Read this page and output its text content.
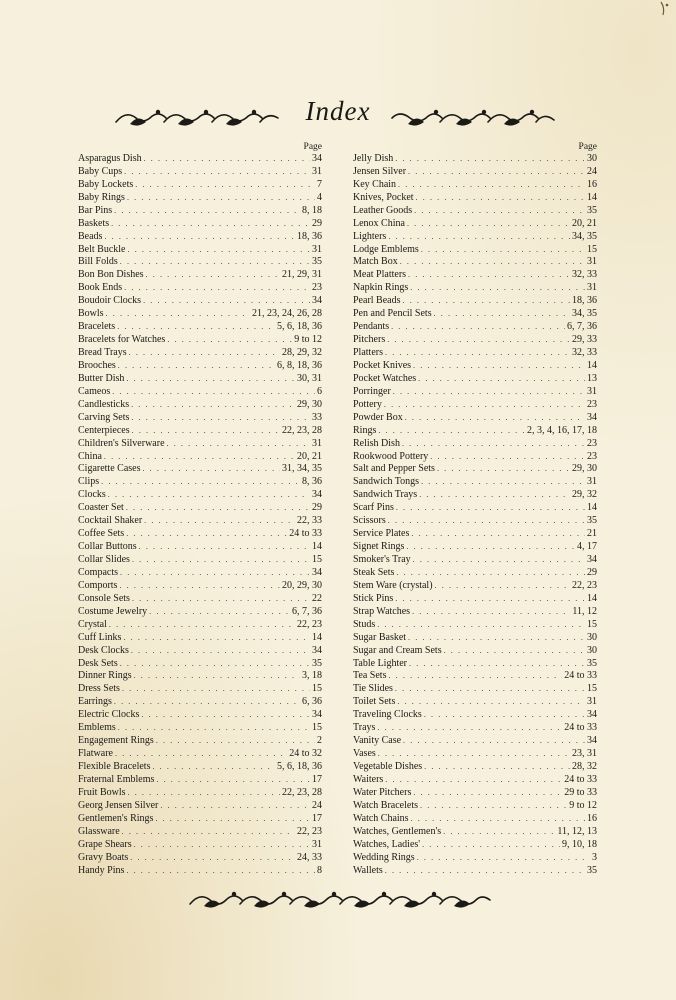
Index
Page
Asparagus Dish . . .	34
Baby Cups . . .	31
Baby Lockets . . .	7
Baby Rings . . .	4
Bar Pins . . .	8, 18
Baskets . . .	29
Beads . . .	18, 36
Belt Buckle . . .	31
Bill Folds . . .	35
Bon Bon Dishes . . .	21, 29, 31
Book Ends . . .	23
Boudoir Clocks . . .	34
Bowls . . .	21, 23, 24, 26, 28
Bracelets . . .	5, 6, 18, 36
Bracelets for Watches . . .	9 to 12
Bread Trays . . .	28, 29, 32
Brooches . . .	6, 8, 18, 36
Butter Dish . . .	30, 31
Cameos . . .	6
Candlesticks . . .	29, 30
Carving Sets . . .	33
Centerpieces . . .	22, 23, 28
Children's Silverware . . .	31
China . . .	20, 21
Cigarette Cases . . .	31, 34, 35
Clips . . .	8, 36
Clocks . . .	34
Coaster Set . . .	29
Cocktail Shaker . . .	22, 33
Coffee Sets . . .	24 to 33
Collar Buttons . . .	14
Collar Slides . . .	15
Compacts . . .	34
Comports . . .	20, 29, 30
Console Sets . . .	22
Costume Jewelry . . .	6, 7, 36
Crystal . . .	22, 23
Cuff Links . . .	14
Desk Clocks . . .	34
Desk Sets . . .	35
Dinner Rings . . .	3, 18
Dress Sets . . .	15
Earrings . . .	6, 36
Electric Clocks . . .	34
Emblems . . .	15
Engagement Rings . . .	2
Flatware . . .	24 to 32
Flexible Bracelets . . .	5, 6, 18, 36
Fraternal Emblems . . .	17
Fruit Bowls . . .	22, 23, 28
Georg Jensen Silver . . .	24
Gentlemen's Rings . . .	17
Glassware . . .	22, 23
Grape Shears . . .	31
Gravy Boats . . .	24, 33
Handy Pins . . .	8
Page
Jelly Dish . . .	30
Jensen Silver . . .	24
Key Chain . . .	16
Knives, Pocket . . .	14
Leather Goods . . .	35
Lenox China . . .	20, 21
Lighters . . .	34, 35
Lodge Emblems . . .	15
Match Box . . .	31
Meat Platters . . .	32, 33
Napkin Rings . . .	31
Pearl Beads . . .	18, 36
Pen and Pencil Sets . . .	34, 35
Pendants . . .	6, 7, 36
Pitchers . . .	29, 33
Platters . . .	32, 33
Pocket Knives . . .	14
Pocket Watches . . .	13
Porringer . . .	31
Pottery . . .	23
Powder Box . . .	34
Rings . . .	2, 3, 4, 16, 17, 18
Relish Dish . . .	23
Rookwood Pottery . . .	23
Salt and Pepper Sets . . .	29, 30
Sandwich Tongs . . .	31
Sandwich Trays . . .	29, 32
Scarf Pins . . .	14
Scissors . . .	35
Service Plates . . .	21
Signet Rings . . .	4, 17
Smoker's Tray . . .	34
Steak Sets . . .	29
Stem Ware (crystal) . . .	22, 23
Stick Pins . . .	14
Strap Watches . . .	11, 12
Studs . . .	15
Sugar Basket . . .	30
Sugar and Cream Sets . . .	30
Table Lighter . . .	35
Tea Sets . . .	24 to 33
Tie Slides . . .	15
Toilet Sets . . .	31
Traveling Clocks . . .	34
Trays . . .	24 to 33
Vanity Case . . .	34
Vases . . .	23, 31
Vegetable Dishes . . .	28, 32
Waiters . . .	24 to 33
Water Pitchers . . .	29 to 33
Watch Bracelets . . .	9 to 12
Watch Chains . . .	16
Watches, Gentlemen's . . .	11, 12, 13
Watches, Ladies' . . .	9, 10, 18
Wedding Rings . . .	3
Wallets . . .	35
